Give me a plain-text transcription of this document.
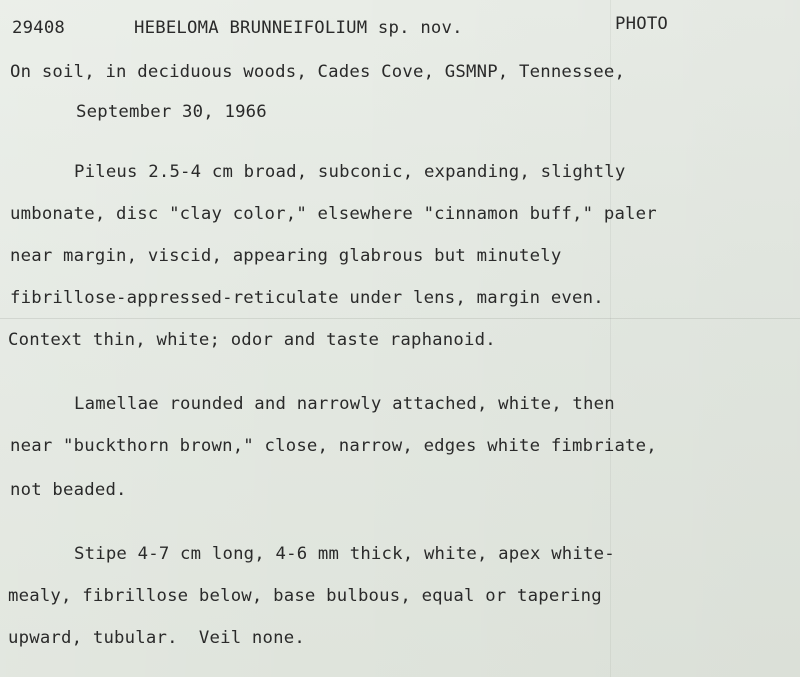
29408	HEBELOMA BRUNNEIFOLIUM sp. nov.	PHOTO
On soil, in deciduous woods, Cades Cove, GSMNP, Tennessee,
September 30, 1966
Pileus 2.5-4 cm broad, subconic, expanding, slightly
umbonate, disc "clay color," elsewhere "cinnamon buff," paler
near margin, viscid, appearing glabrous but minutely
fibrillose-appressed-reticulate under lens, margin even.
Context thin, white; odor and taste raphanoid.
Lamellae rounded and narrowly attached, white, then
near "buckthorn brown," close, narrow, edges white fimbriate,
not beaded.
Stipe 4-7 cm long, 4-6 mm thick, white, apex white-
mealy, fibrillose below, base bulbous, equal or tapering
upward, tubular.  Veil none.
